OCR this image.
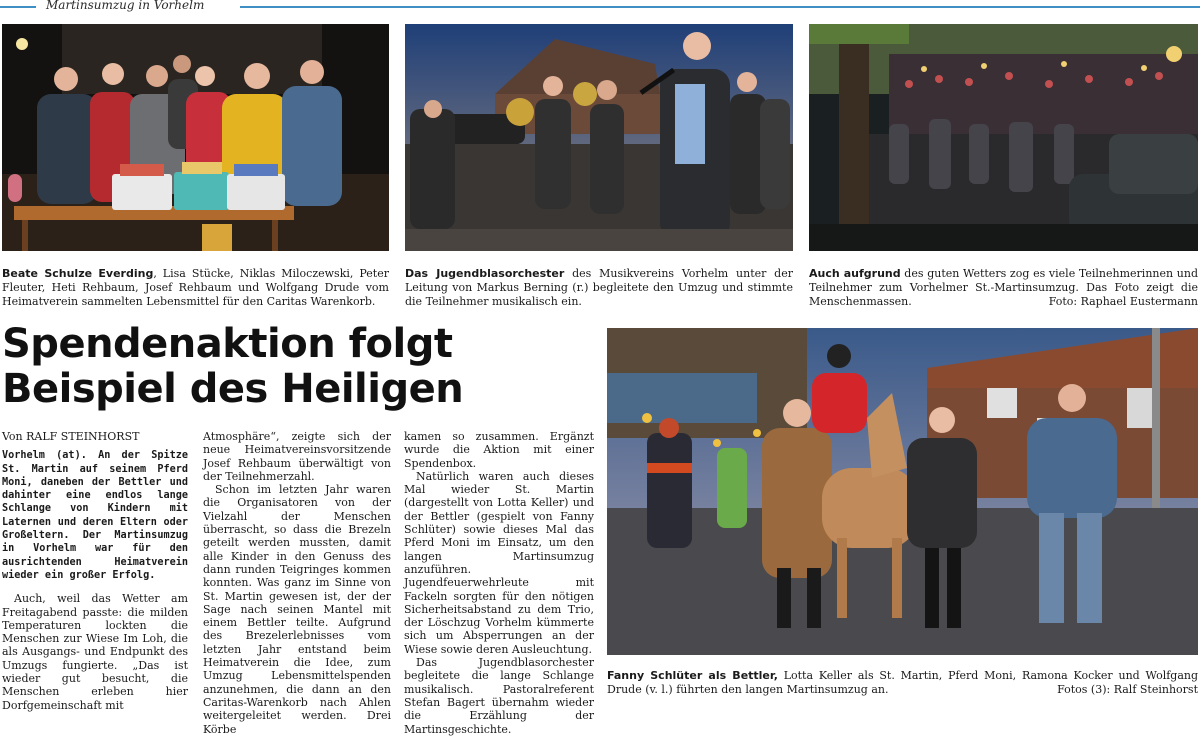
Martinsumzug in Vorhelm
Beate Schulze Everding, Lisa Stücke, Niklas Miloczewski, Peter Fleuter, Heti Rehbaum, Josef Rehbaum und Wolfgang Drude vom Heimatverein sammelten Lebensmittel für den Caritas Warenkorb.
Das Jugendblasorchester des Musikvereins Vorhelm unter der Leitung von Markus Berning (r.) begleitete den Umzug und stimmte die Teilnehmer musikalisch ein.
Auch aufgrund des guten Wetters zog es viele Teilnehmerinnen und Teilnehmer zum Vorhelmer St.-Martinsumzug. Das Foto zeigt die Menschenmassen.	Foto: Raphael Eustermann
Spendenaktion folgt
Beispiel des Heiligen

Von RALF STEINHORST

Vorhelm (at). An der Spitze St. Martin auf seinem Pferd Moni, daneben der Bettler und dahinter eine endlos lange Schlange von Kindern mit Laternen und deren Eltern oder Großeltern. Der Martinsumzug in Vorhelm war für den ausrichtenden Heimatverein wieder ein großer Erfolg.

Auch, weil das Wetter am Freitagabend passte: die milden Temperaturen lockten die Menschen zur Wiese Im Loh, die als Ausgangs- und Endpunkt des Umzugs fungierte. „Das ist wieder gut besucht, die Menschen erleben hier Dorfgemeinschaft mit

Atmosphäre“, zeigte sich der neue Heimatvereinsvorsitzende Josef Rehbaum überwältigt von der Teilnehmerzahl.

Schon im letzten Jahr waren die Organisatoren von der Vielzahl der Menschen überrascht, so dass die Brezeln geteilt werden mussten, damit alle Kinder in den Genuss des dann runden Teigringes kommen konnten. Was ganz im Sinne von St. Martin gewesen ist, der der Sage nach seinen Mantel mit einem Bettler teilte. Aufgrund des Brezelerlebnisses vom letzten Jahr entstand beim Heimatverein die Idee, zum Umzug Lebensmittelspenden anzunehmen, die dann an den Caritas-Warenkorb nach Ahlen weitergeleitet werden. Drei Körbe

kamen so zusammen. Ergänzt wurde die Aktion mit einer Spendenbox.

Natürlich waren auch dieses Mal wieder St. Martin (dargestellt von Lotta Keller) und der Bettler (gespielt von Fanny Schlüter) sowie dieses Mal das Pferd Moni im Einsatz, um den langen Martinsumzug anzuführen. Jugendfeuerwehrleute mit Fackeln sorgten für den nötigen Sicherheitsabstand zu dem Trio, der Löschzug Vorhelm kümmerte sich um Absperrungen an der Wiese sowie deren Ausleuchtung.

Das Jugendblasorchester begleitete die lange Schlange musikalisch. Pastoralreferent Stefan Bagert übernahm wieder die Erzählung der Martinsgeschichte.

Fanny Schlüter als Bettler, Lotta Keller als St. Martin, Pferd Moni, Ramona Kocker und Wolfgang Drude (v. l.) führten den langen Martinsumzug an.	Fotos (3): Ralf Steinhorst
